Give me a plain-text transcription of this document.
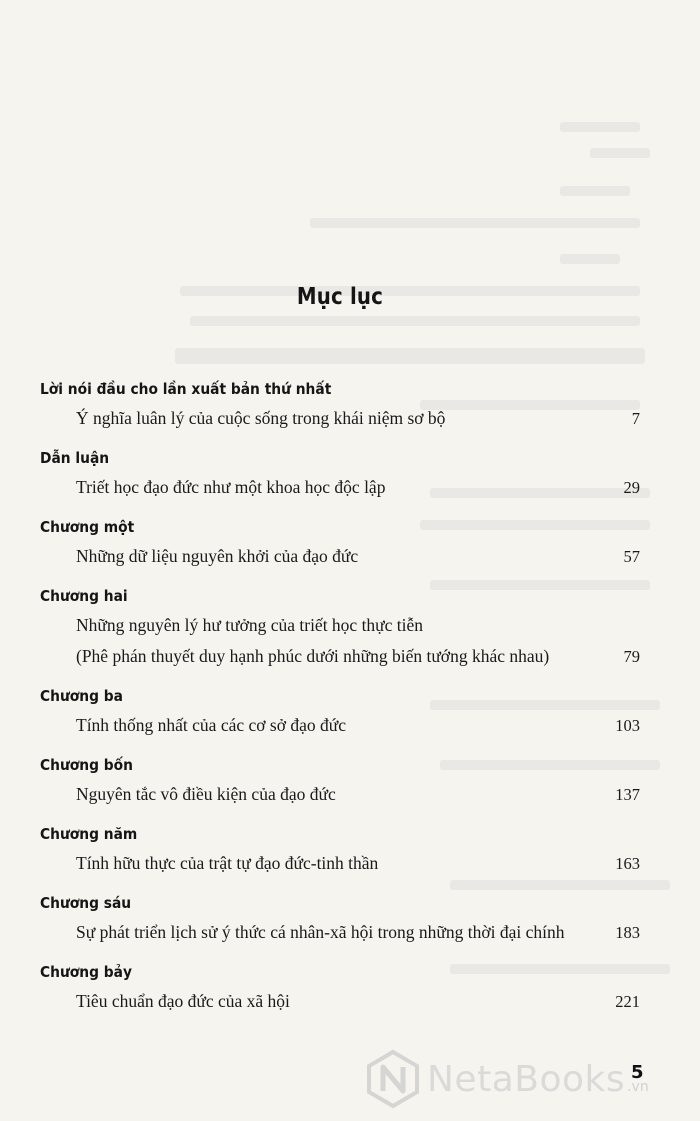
Mục lục
Lời nói đầu cho lần xuất bản thứ nhất
Ý nghĩa luân lý của cuộc sống trong khái niệm sơ bộ	7
Dẫn luận
Triết học đạo đức như một khoa học độc lập	29
Chương một
Những dữ liệu nguyên khởi của đạo đức	57
Chương hai
Những nguyên lý hư tưởng của triết học thực tiễn
(Phê phán thuyết duy hạnh phúc dưới những biến tướng khác nhau)	79
Chương ba
Tính thống nhất của các cơ sở đạo đức	103
Chương bốn
Nguyên tắc vô điều kiện của đạo đức	137
Chương năm
Tính hữu thực của trật tự đạo đức-tinh thần	163
Chương sáu
Sự phát triển lịch sử ý thức cá nhân-xã hội trong những thời đại chính	183
Chương bảy
Tiêu chuẩn đạo đức của xã hội	221
NetaBooks .vn
5
